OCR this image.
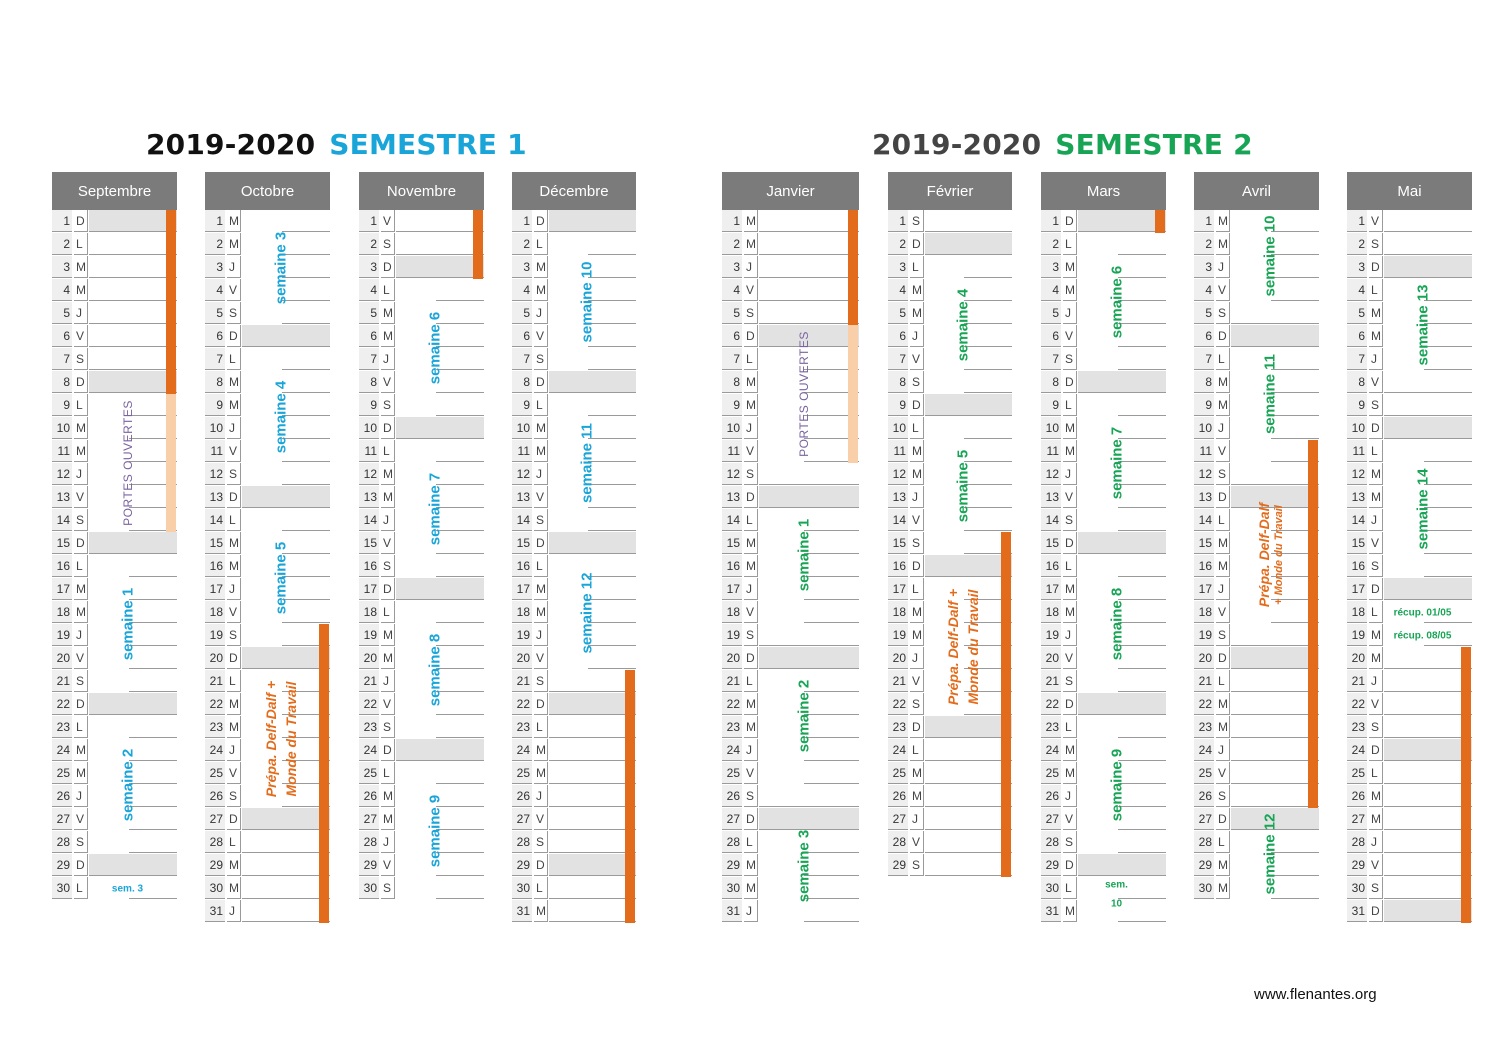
2019-2020 SEMESTRE 1	2019-2020 SEMESTRE 2
Septembre
1 D
2 L
3 M
4 M
5 J
6 V
7 S
8 D
9 L
10 M
11 M
12 J
13 V
14 S
15 D
16 L
17 M
18 M
19 J
20 V
21 S
22 D
23 L
24 M
25 M
26 J
27 V
28 S
29 D
30 L
PORTES OUVERTES
semaine 1
semaine 2
sem. 3
Octobre
1 M
2 M
3 J
4 V
5 S
6 D
7 L
8 M
9 M
10 J
11 V
12 S
13 D
14 L
15 M
16 M
17 J
18 V
19 S
20 D
21 L
22 M
23 M
24 J
25 V
26 S
27 D
28 L
29 M
30 M
31 J
semaine 3
semaine 4
semaine 5
Prépa. Delf-Dalf + Monde du Travail
Novembre
1 V
2 S
3 D
4 L
5 M
6 M
7 J
8 V
9 S
10 D
11 L
12 M
13 M
14 J
15 V
16 S
17 D
18 L
19 M
20 M
21 J
22 V
23 S
24 D
25 L
26 M
27 M
28 J
29 V
30 S
semaine 6
semaine 7
semaine 8
semaine 9
Décembre
1 D
2 L
3 M
4 M
5 J
6 V
7 S
8 D
9 L
10 M
11 M
12 J
13 V
14 S
15 D
16 L
17 M
18 M
19 J
20 V
21 S
22 D
23 L
24 M
25 M
26 J
27 V
28 S
29 D
30 L
31 M
semaine 10
semaine 11
semaine 12
Janvier
1 M
2 M
3 J
4 V
5 S
6 D
7 L
8 M
9 M
10 J
11 V
12 S
13 D
14 L
15 M
16 M
17 J
18 V
19 S
20 D
21 L
22 M
23 M
24 J
25 V
26 S
27 D
28 L
29 M
30 M
31 J
PORTES OUVERTES
semaine 1
semaine 2
semaine 3
Février
1 S
2 D
3 L
4 M
5 M
6 J
7 V
8 S
9 D
10 L
11 M
12 M
13 J
14 V
15 S
16 D
17 L
18 M
19 M
20 J
21 V
22 S
23 D
24 L
25 M
26 M
27 J
28 V
29 S
semaine 4
semaine 5
Prépa. Delf-Dalf + Monde du Travail
Mars
1 D
2 L
3 M
4 M
5 J
6 V
7 S
8 D
9 L
10 M
11 M
12 J
13 V
14 S
15 D
16 L
17 M
18 M
19 J
20 V
21 S
22 D
23 L
24 M
25 M
26 J
27 V
28 S
29 D
30 L
31 M
semaine 6
semaine 7
semaine 8
semaine 9
sem.
10
Avril
1 M
2 M
3 J
4 V
5 S
6 D
7 L
8 M
9 M
10 J
11 V
12 S
13 D
14 L
15 M
16 M
17 J
18 V
19 S
20 D
21 L
22 M
23 M
24 J
25 V
26 S
27 D
28 L
29 M
30 M
semaine 10
semaine 11
Prépa. Delf-Dalf + Monde du Travail
semaine 12
Mai
1 V
2 S
3 D
4 L
5 M
6 M
7 J
8 V
9 S
10 D
11 L
12 M
13 M
14 J
15 V
16 S
17 D
18 L
19 M
20 M
21 J
22 V
23 S
24 D
25 L
26 M
27 M
28 J
29 V
30 S
31 D
semaine 13
semaine 14
récup. 01/05
récup. 08/05
www.flenantes.org
